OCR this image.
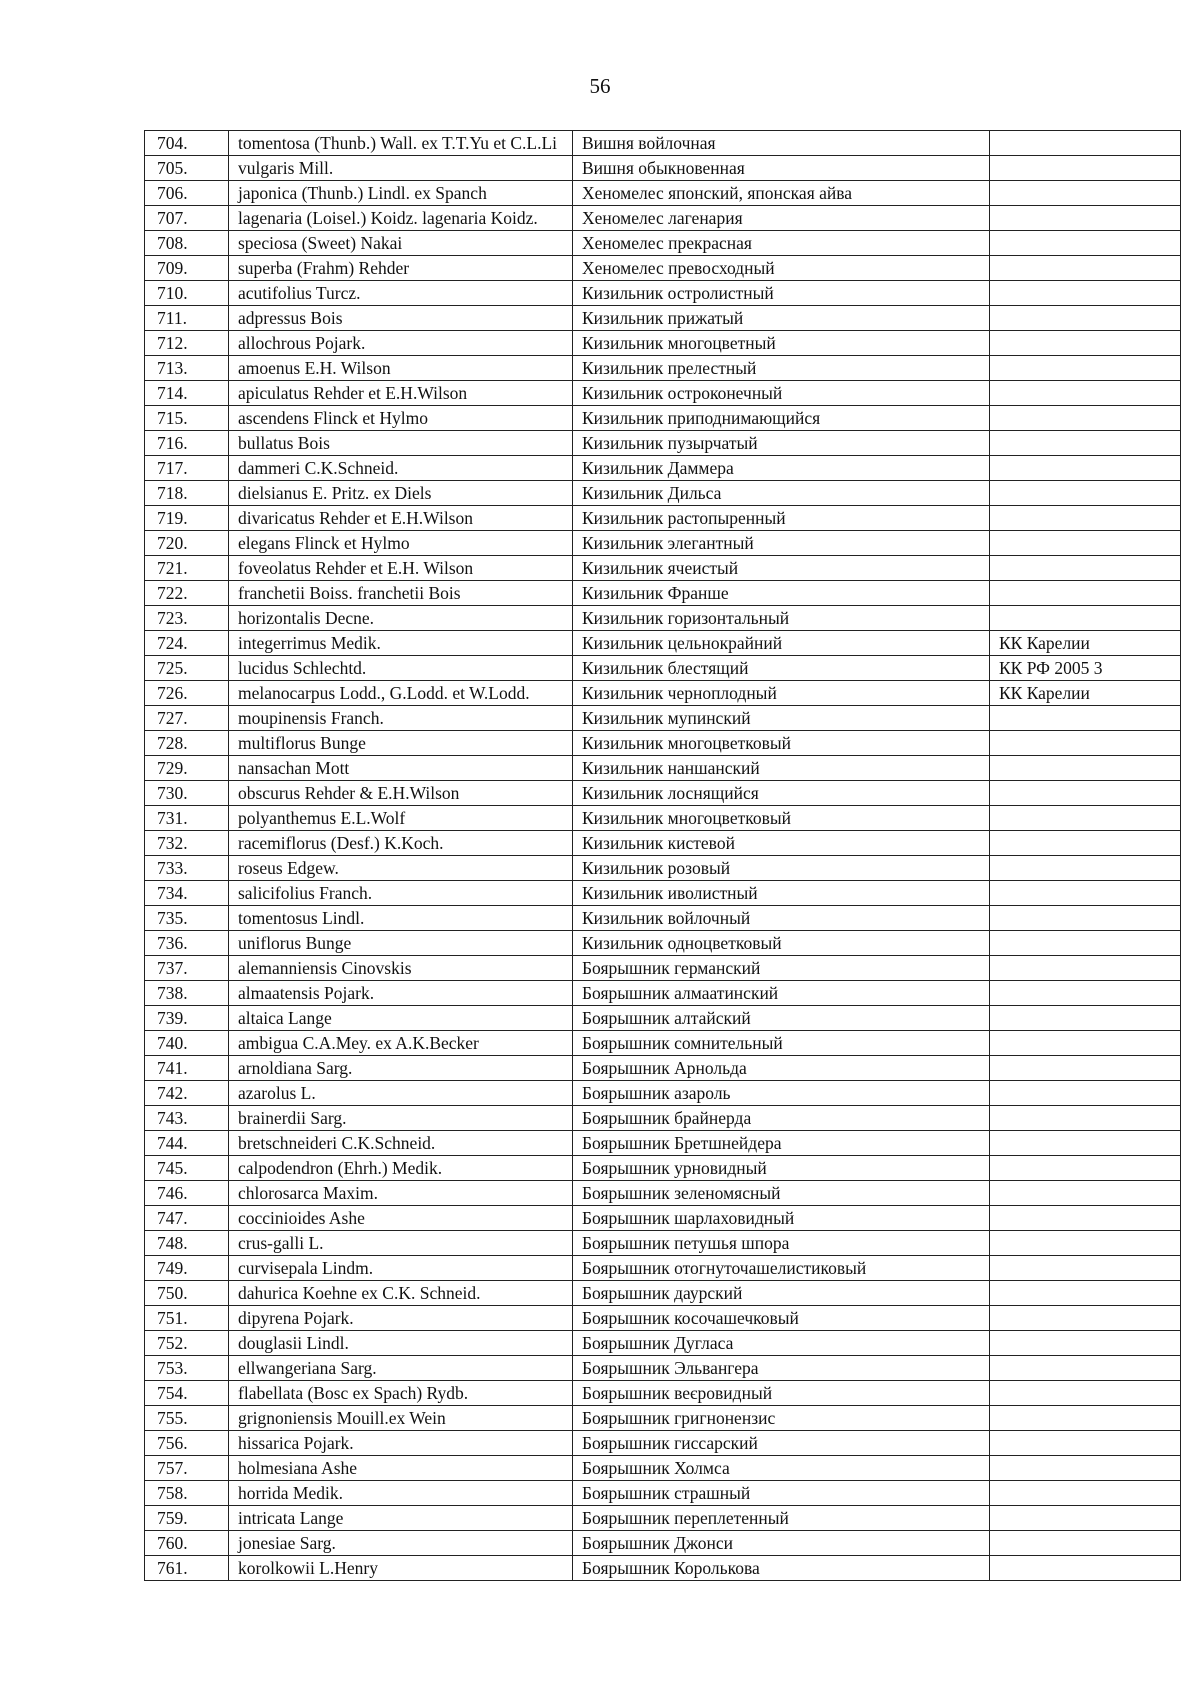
56
704.	tomentosa (Thunb.) Wall. ex T.T.Yu et C.L.Li	Вишня войлочная	
705.	vulgaris Mill.	Вишня обыкновенная	
706.	japonica (Thunb.) Lindl. ex Spanch	Хеномелес японский, японская айва	
707.	lagenaria (Loisel.) Koidz. lagenaria Koidz.	Хеномелес лагенария	
708.	speciosa (Sweet) Nakai	Хеномелес прекрасная	
709.	superba (Frahm) Rehder	Хеномелес превосходный	
710.	acutifolius Turcz.	Кизильник остролистный	
711.	adpressus Bois	Кизильник прижатый	
712.	allochrous Pojark.	Кизильник многоцветный	
713.	amoenus E.H. Wilson	Кизильник прелестный	
714.	apiculatus Rehder et E.H.Wilson	Кизильник остроконечный	
715.	ascendens Flinck et Hylmo	Кизильник приподнимающийся	
716.	bullatus Bois	Кизильник пузырчатый	
717.	dammeri C.K.Schneid.	Кизильник Даммера	
718.	dielsianus E. Pritz. ex Diels	Кизильник Дильса	
719.	divaricatus Rehder et E.H.Wilson	Кизильник растопыренный	
720.	elegans Flinck et Hylmo	Кизильник элегантный	
721.	foveolatus Rehder et E.H. Wilson	Кизильник ячеистый	
722.	franchetii Boiss. franchetii Bois	Кизильник Франше	
723.	horizontalis Decne.	Кизильник горизонтальный	
724.	integerrimus Medik.	Кизильник цельнокрайний	КК Карелии
725.	lucidus Schlechtd.	Кизильник блестящий	КК РФ 2005 3
726.	melanocarpus Lodd., G.Lodd. et W.Lodd.	Кизильник черноплодный	КК Карелии
727.	moupinensis Franch.	Кизильник мупинский	
728.	multiflorus Bunge	Кизильник многоцветковый	
729.	nansachan Mott	Кизильник наншанский	
730.	obscurus Rehder & E.H.Wilson	Кизильник лоснящийся	
731.	polyanthemus E.L.Wolf	Кизильник многоцветковый	
732.	racemiflorus (Desf.) K.Koch.	Кизильник кистевой	
733.	roseus Edgew.	Кизильник розовый	
734.	salicifolius Franch.	Кизильник иволистный	
735.	tomentosus Lindl.	Кизильник войлочный	
736.	uniflorus Bunge	Кизильник одноцветковый	
737.	alemanniensis Cinovskis	Боярышник германский	
738.	almaatensis Pojark.	Боярышник алмаатинский	
739.	altaica Lange	Боярышник алтайский	
740.	ambigua C.A.Mey. ex A.K.Becker	Боярышник сомнительный	
741.	arnoldiana Sarg.	Боярышник Арнольда	
742.	azarolus L.	Боярышник азароль	
743.	brainerdii Sarg.	Боярышник брайнерда	
744.	bretschneideri C.K.Schneid.	Боярышник Бретшнейдера	
745.	calpodendron (Ehrh.) Medik.	Боярышник урновидный	
746.	chlorosarca Maxim.	Боярышник зеленомясный	
747.	coccinioides Ashe	Боярышник шарлаховидный	
748.	crus-galli L.	Боярышник петушья шпора	
749.	curvisepala Lindm.	Боярышник отогнуточашелистиковый	
750.	dahurica Koehne ex C.K. Schneid.	Боярышник даурский	
751.	dipyrena Pojark.	Боярышник косочашечковый	
752.	douglasii Lindl.	Боярышник Дугласа	
753.	ellwangeriana Sarg.	Боярышник Эльвангера	
754.	flabellata (Bosc ex Spach) Rydb.	Боярышник веєровидный	
755.	grignoniensis Mouill.ex Wein	Боярышник григнонензис	
756.	hissarica Pojark.	Боярышник гиссарский	
757.	holmesiana Ashe	Боярышник Холмса	
758.	horrida Medik.	Боярышник страшный	
759.	intricata Lange	Боярышник переплетенный	
760.	jonesiae Sarg.	Боярышник Джонси	
761.	korolkowii L.Henry	Боярышник Королькова	
